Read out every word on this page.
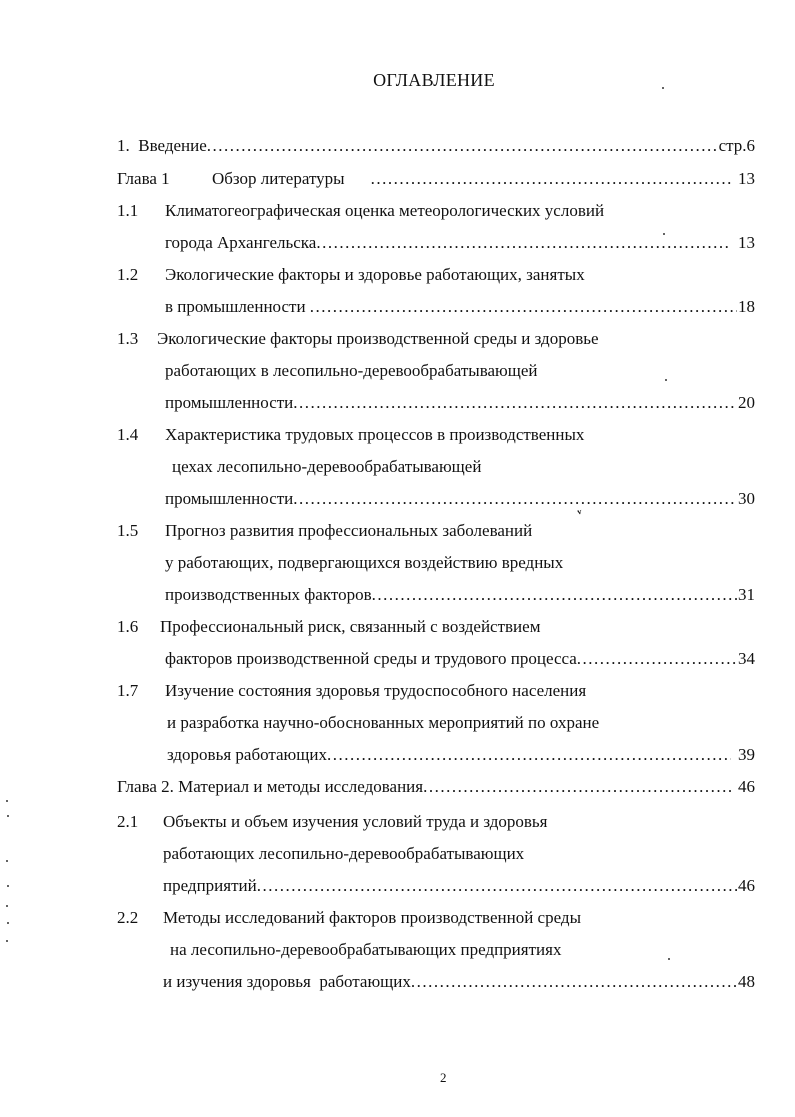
ОГЛАВЛЕНИЕ
1.  Введение .....	стр.6
Глава 1 Обзор литературы .....	13
1.1 Климатогеографическая оценка метеорологических условий
города Архангельска .....	13
1.2 Экологические факторы и здоровье работающих, занятых
в промышленности .....	18
1.3 Экологические факторы производственной среды и здоровье
работающих в лесопильно-деревообрабатывающей
промышленности .....	20
1.4 Характеристика трудовых процессов в производственных
цехах лесопильно-деревообрабатывающей
промышленности .....	30
1.5 Прогноз развития профессиональных заболеваний
у работающих, подвергающихся воздействию вредных
производственных факторов .....	31
1.6 Профессиональный риск, связанный с воздействием
факторов производственной среды и трудового процесса .....	34
1.7 Изучение состояния здоровья трудоспособного населения
и разработка научно-обоснованных мероприятий по охране
здоровья работающих .....	39
Глава 2. Материал и методы исследования .....	46
2.1 Объекты и объем изучения условий труда и здоровья
работающих лесопильно-деревообрабатывающих
предприятий .....	46
2.2 Методы исследований факторов производственной среды
на лесопильно-деревообрабатывающих предприятиях
и изучения здоровья  работающих .....	48
2
ᵥ
